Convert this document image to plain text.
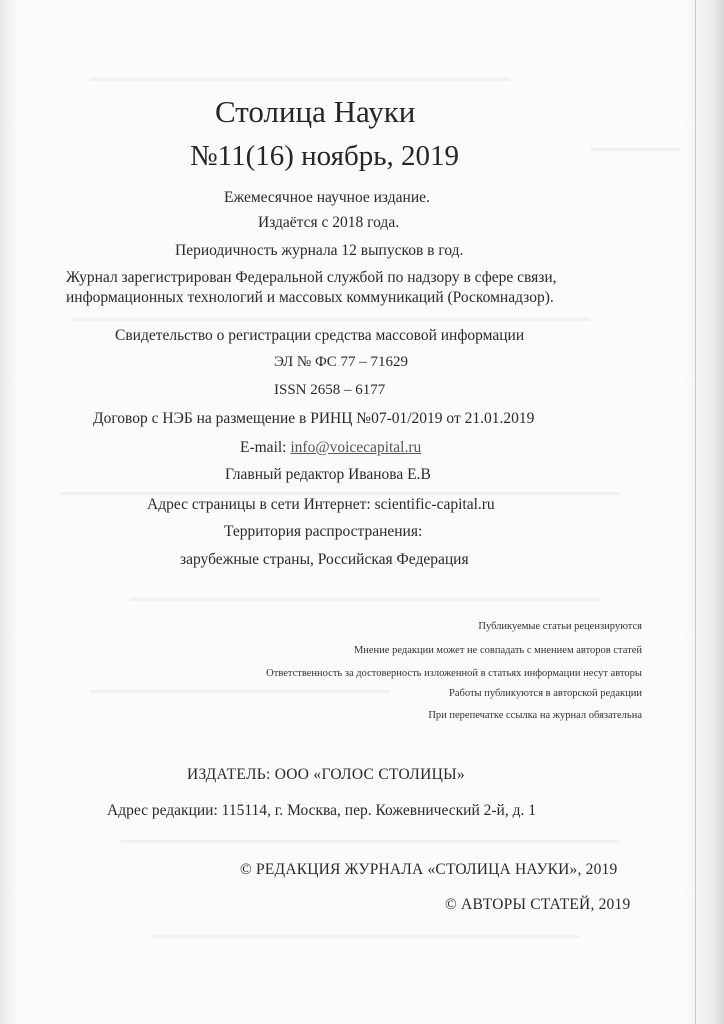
Столица Науки
№11(16) ноябрь, 2019
Ежемесячное научное издание.
Издаётся с 2018 года.
Периодичность журнала 12 выпусков в год.
Журнал зарегистрирован Федеральной службой по надзору в сфере связи,
информационных технологий и массовых коммуникаций (Роскомнадзор).
Свидетельство о регистрации средства массовой информации
ЭЛ № ФС 77 – 71629
ISSN 2658 – 6177
Договор с НЭБ на размещение в РИНЦ №07-01/2019 от 21.01.2019
E-mail: info@voicecapital.ru
Главный редактор Иванова Е.В
Адрес страницы в сети Интернет: scientific-capital.ru
Территория распространения:
зарубежные страны, Российская Федерация
Публикуемые статьи рецензируются
Мнение редакции может не совпадать с мнением авторов статей
Ответственность за достоверность изложенной в статьях информации несут авторы
Работы публикуются в авторской редакции
При перепечатке ссылка на журнал обязательна
ИЗДАТЕЛЬ: ООО «ГОЛОС СТОЛИЦЫ»
Адрес редакции: 115114, г. Москва, пер. Кожевнический 2-й, д. 1
© РЕДАКЦИЯ ЖУРНАЛА «СТОЛИЦА НАУКИ», 2019
© АВТОРЫ СТАТЕЙ, 2019
